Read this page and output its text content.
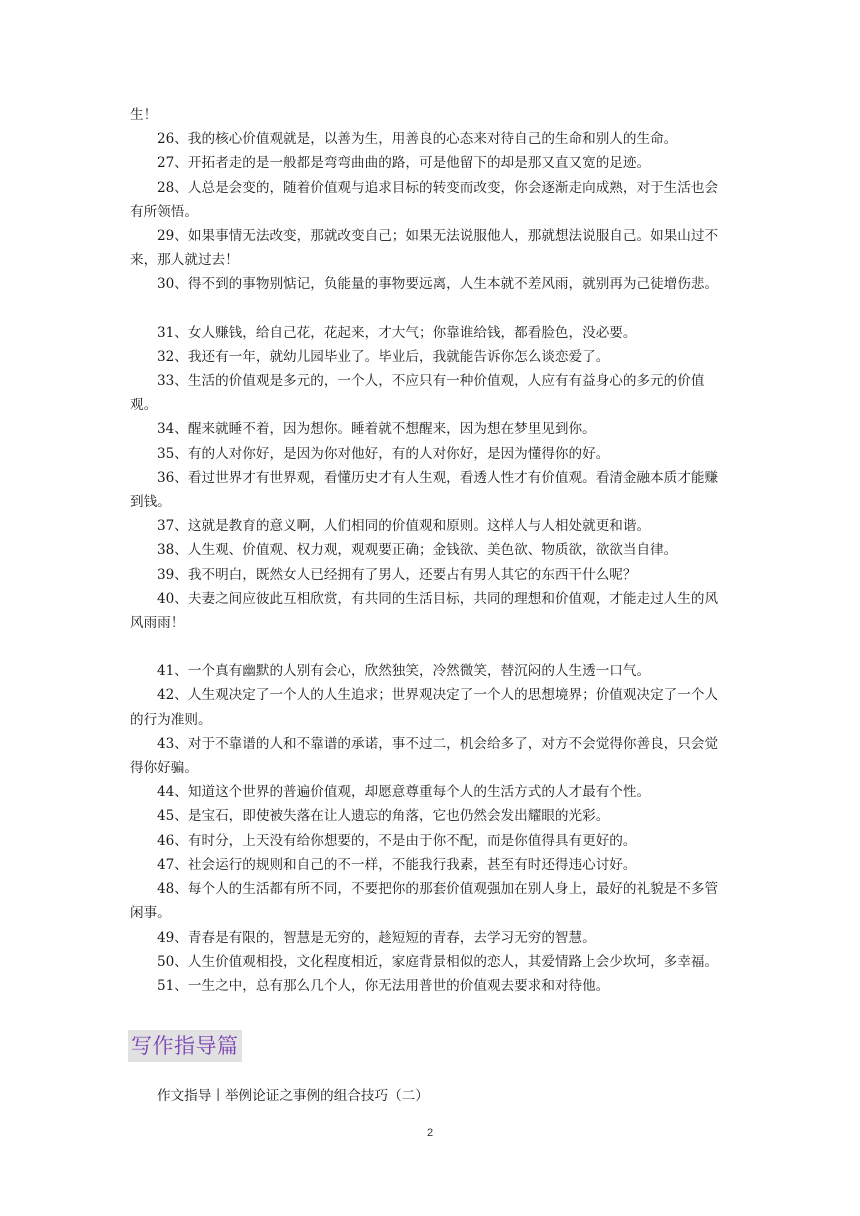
生！

26、我的核心价值观就是，以善为生，用善良的心态来对待自己的生命和别人的生命。

27、开拓者走的是一般都是弯弯曲曲的路，可是他留下的却是那又直又宽的足迹。

28、人总是会变的，随着价值观与追求目标的转变而改变，你会逐渐走向成熟，对于生活也会有所领悟。

29、如果事情无法改变，那就改变自己；如果无法说服他人，那就想法说服自己。如果山过不来，那人就过去！

30、得不到的事物别惦记，负能量的事物要远离，人生本就不差风雨，就别再为己徒增伤悲。

31、女人赚钱，给自己花，花起来，才大气；你靠谁给钱，都看脸色，没必要。

32、我还有一年，就幼儿园毕业了。毕业后，我就能告诉你怎么谈恋爱了。

33、生活的价值观是多元的，一个人，不应只有一种价值观，人应有有益身心的多元的价值观。

34、醒来就睡不着，因为想你。睡着就不想醒来，因为想在梦里见到你。

35、有的人对你好，是因为你对他好，有的人对你好，是因为懂得你的好。

36、看过世界才有世界观，看懂历史才有人生观，看透人性才有价值观。看清金融本质才能赚到钱。

37、这就是教育的意义啊，人们相同的价值观和原则。这样人与人相处就更和谐。

38、人生观、价值观、权力观，观观要正确；金钱欲、美色欲、物质欲，欲欲当自律。

39、我不明白，既然女人已经拥有了男人，还要占有男人其它的东西干什么呢？

40、夫妻之间应彼此互相欣赏，有共同的生活目标，共同的理想和价值观，才能走过人生的风风雨雨！

41、一个真有幽默的人别有会心，欣然独笑，冷然微笑，替沉闷的人生透一口气。

42、人生观决定了一个人的人生追求；世界观决定了一个人的思想境界；价值观决定了一个人的行为准则。

43、对于不靠谱的人和不靠谱的承诺，事不过二，机会给多了，对方不会觉得你善良，只会觉得你好骗。

44、知道这个世界的普遍价值观，却愿意尊重每个人的生活方式的人才最有个性。

45、是宝石，即使被失落在让人遗忘的角落，它也仍然会发出耀眼的光彩。

46、有时分，上天没有给你想要的，不是由于你不配，而是你值得具有更好的。

47、社会运行的规则和自己的不一样，不能我行我素，甚至有时还得违心讨好。

48、每个人的生活都有所不同，不要把你的那套价值观强加在别人身上，最好的礼貌是不多管闲事。

49、青春是有限的，智慧是无穷的，趁短短的青春，去学习无穷的智慧。

50、人生价值观相投，文化程度相近，家庭背景相似的恋人，其爱情路上会少坎坷，多幸福。

51、一生之中，总有那么几个人，你无法用普世的价值观去要求和对待他。

写作指导篇
作文指导丨举例论证之事例的组合技巧（二）
2
